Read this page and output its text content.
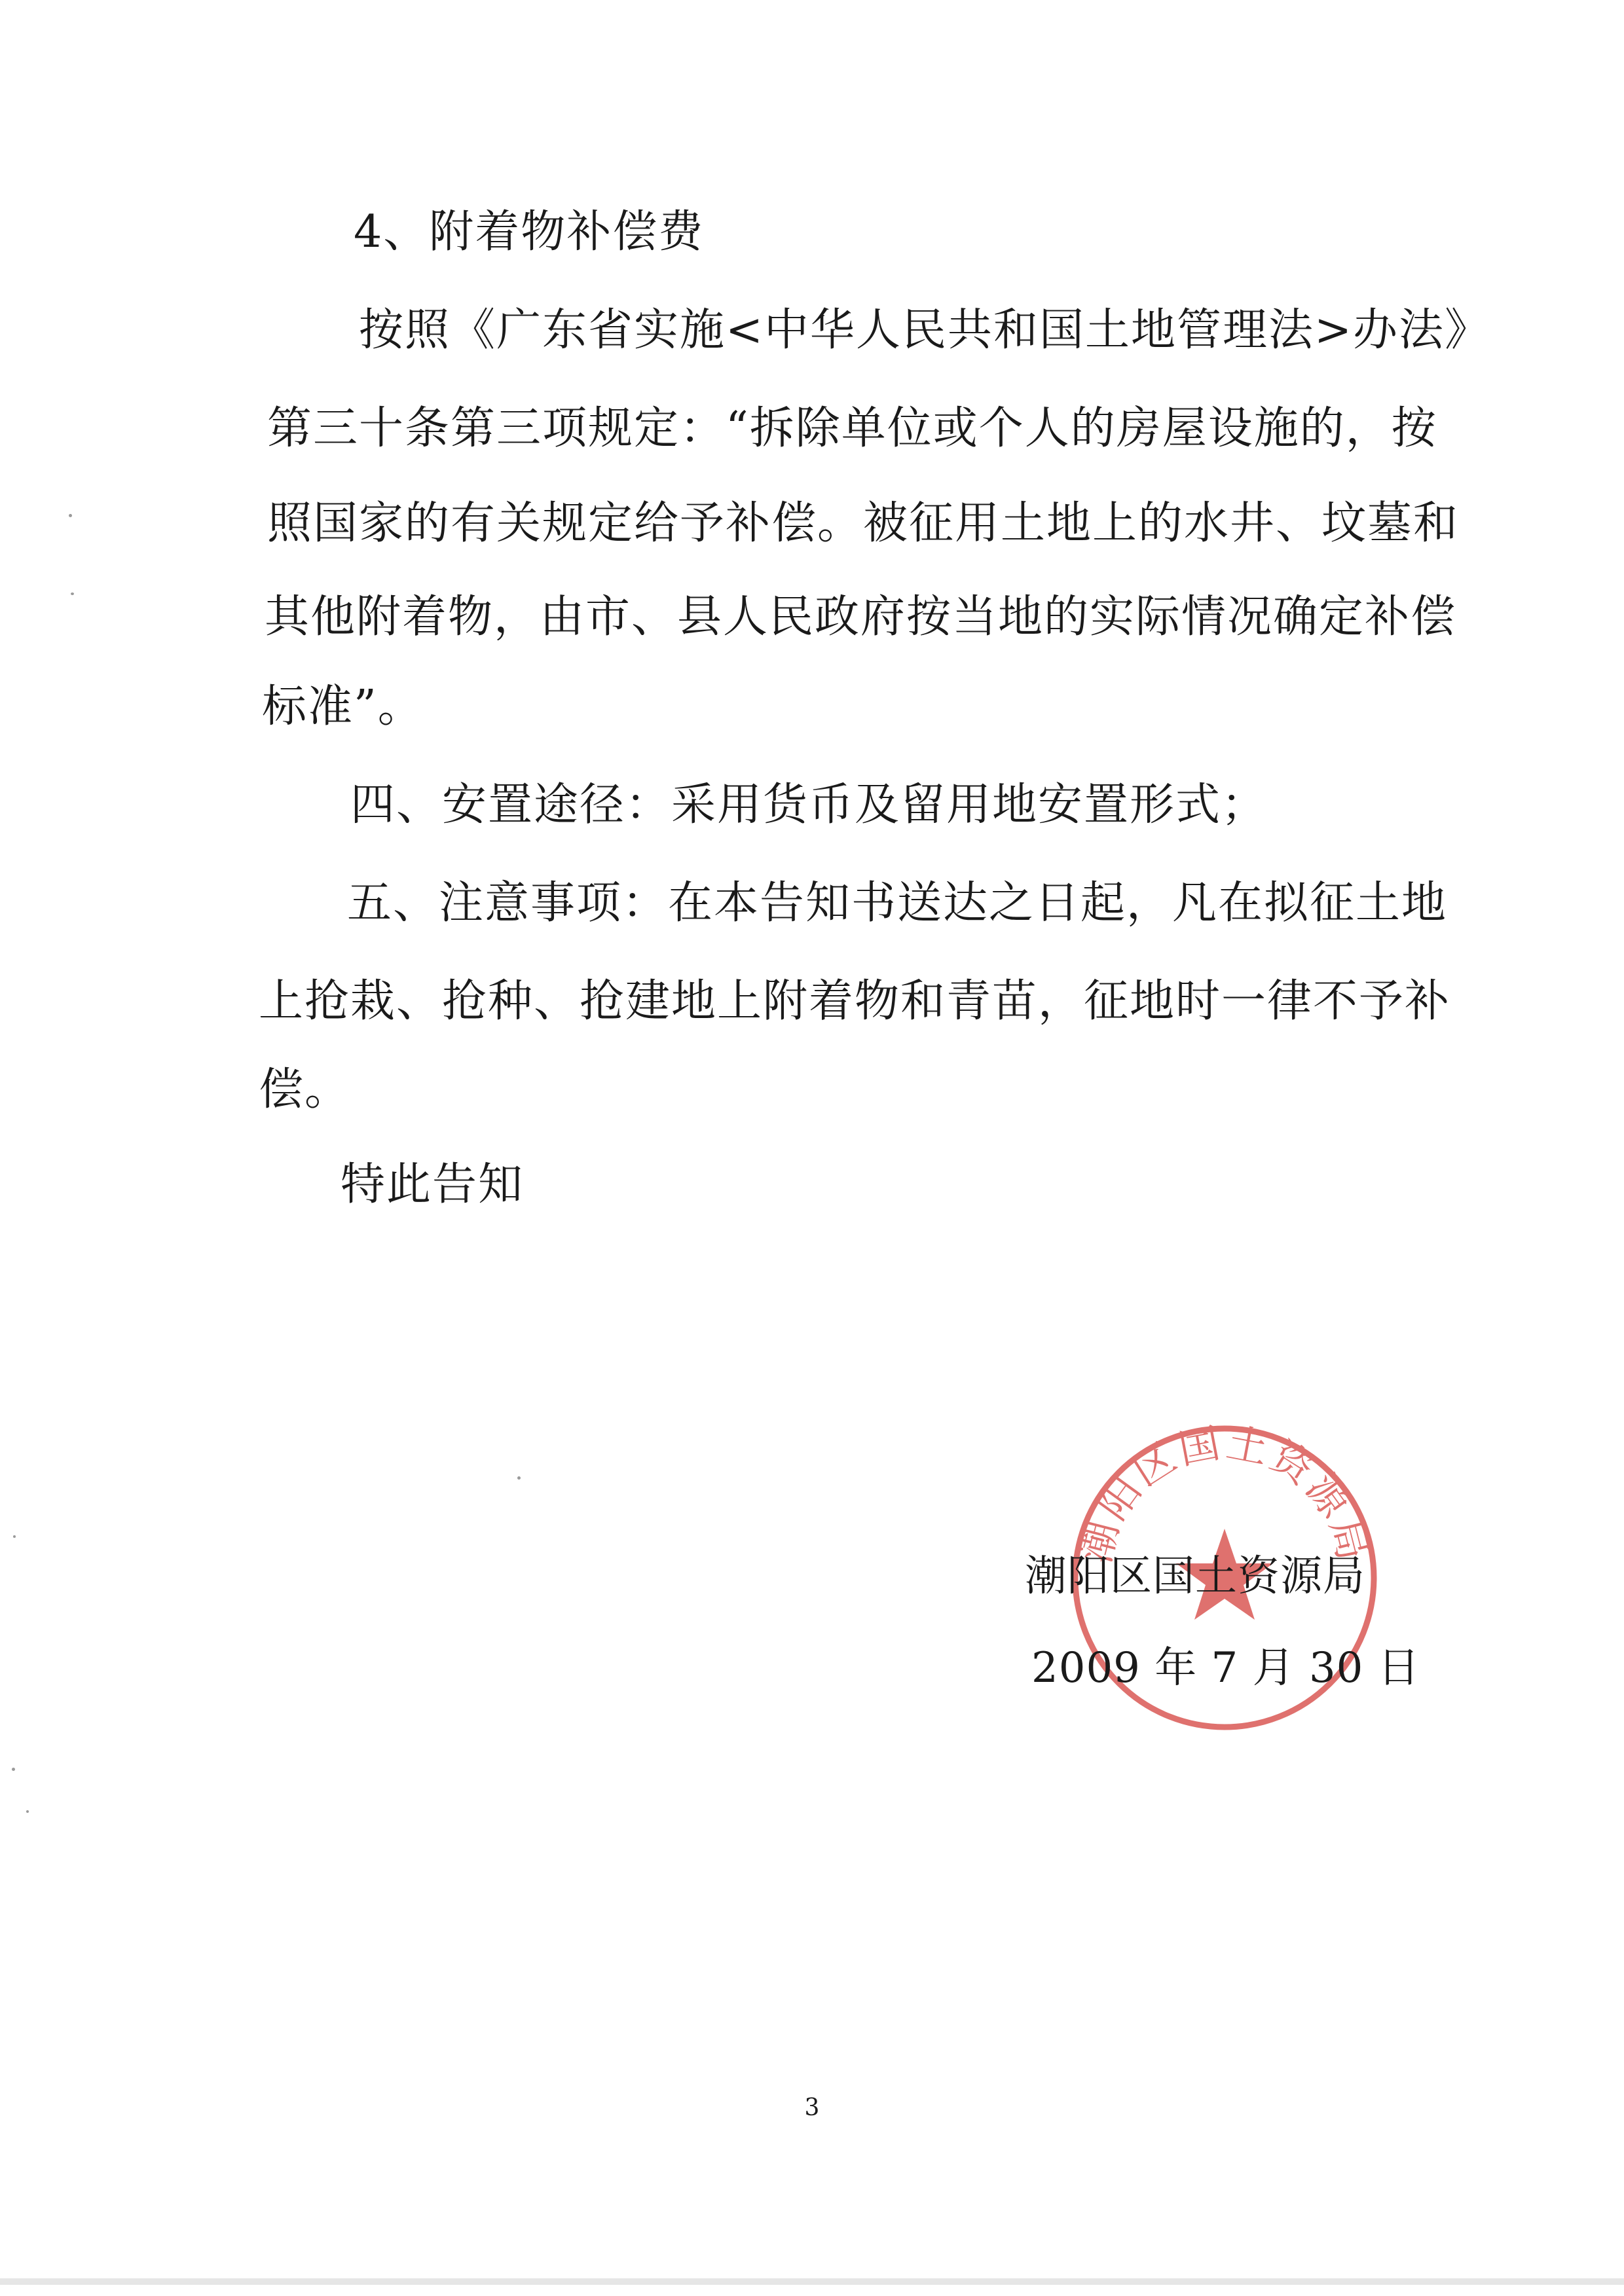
4、附着物补偿费
按照《广东省实施<中华人民共和国土地管理法>办法》
第三十条第三项规定：“拆除单位或个人的房屋设施的，按
照国家的有关规定给予补偿。被征用土地上的水井、坟墓和
其他附着物，由市、县人民政府按当地的实际情况确定补偿
标准”。
四、安置途径：采用货币及留用地安置形式；
五、注意事项：在本告知书送达之日起，凡在拟征土地
上抢栽、抢种、抢建地上附着物和青苗，征地时一律不予补
偿。
特此告知
潮阳区国土资源局
潮阳区国土资源局
2009 年 7 月 30 日
3
